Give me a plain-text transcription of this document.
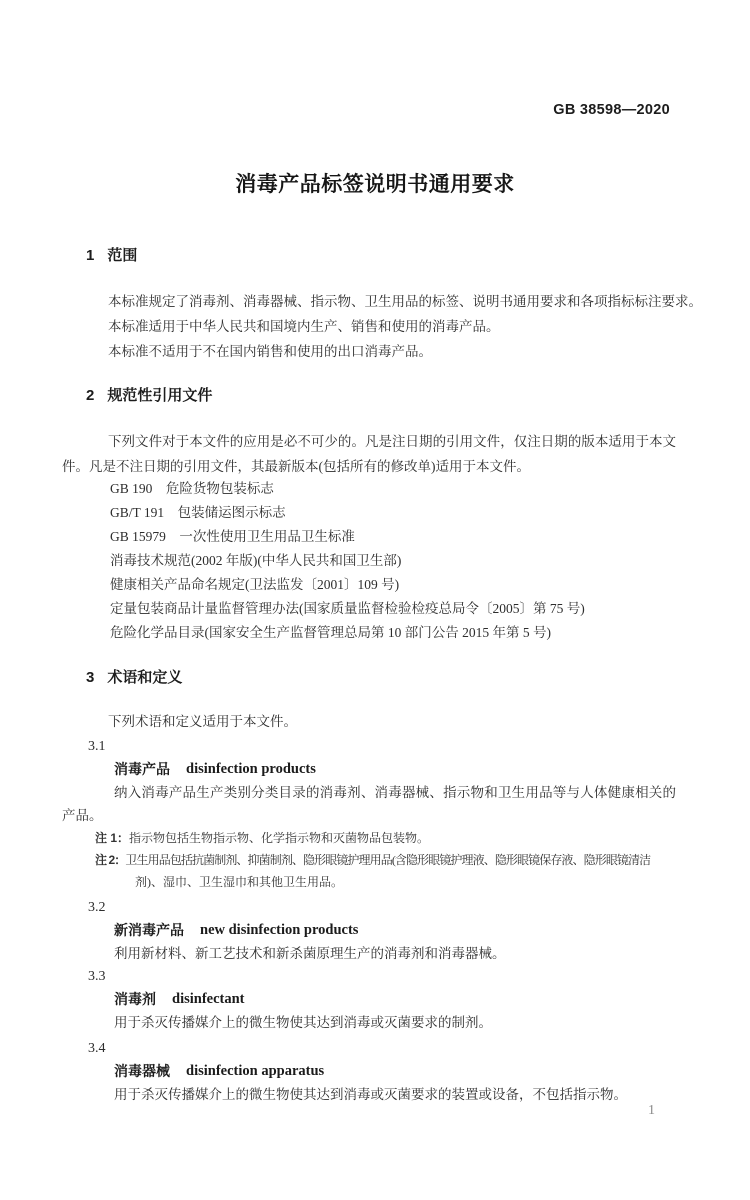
GB 38598—2020
消毒产品标签说明书通用要求
1 范围
本标准规定了消毒剂、消毒器械、指示物、卫生用品的标签、说明书通用要求和各项指标标注要求。
本标准适用于中华人民共和国境内生产、销售和使用的消毒产品。
本标准不适用于不在国内销售和使用的出口消毒产品。
2 规范性引用文件
下列文件对于本文件的应用是必不可少的。凡是注日期的引用文件，仅注日期的版本适用于本文
件。凡是不注日期的引用文件，其最新版本(包括所有的修改单)适用于本文件。
GB 190　危险货物包装标志
GB/T 191　包装储运图示标志
GB 15979　一次性使用卫生用品卫生标准
消毒技术规范(2002 年版)(中华人民共和国卫生部)
健康相关产品命名规定(卫法监发〔2001〕109 号)
定量包装商品计量监督管理办法(国家质量监督检验检疫总局令〔2005〕第 75 号)
危险化学品目录(国家安全生产监督管理总局第 10 部门公告 2015 年第 5 号)
3 术语和定义
下列术语和定义适用于本文件。
3.1
消毒产品 disinfection products
纳入消毒产品生产类别分类目录的消毒剂、消毒器械、指示物和卫生用品等与人体健康相关的
产品。
注 1：指示物包括生物指示物、化学指示物和灭菌物品包装物。
注 2：卫生用品包括抗菌制剂、抑菌制剂、隐形眼镜护理用品(含隐形眼镜护理液、隐形眼镜保存液、隐形眼镜清洁
剂)、湿巾、卫生湿巾和其他卫生用品。
3.2
新消毒产品 new disinfection products
利用新材料、新工艺技术和新杀菌原理生产的消毒剂和消毒器械。
3.3
消毒剂 disinfectant
用于杀灭传播媒介上的微生物使其达到消毒或灭菌要求的制剂。
3.4
消毒器械 disinfection apparatus
用于杀灭传播媒介上的微生物使其达到消毒或灭菌要求的装置或设备，不包括指示物。
1
